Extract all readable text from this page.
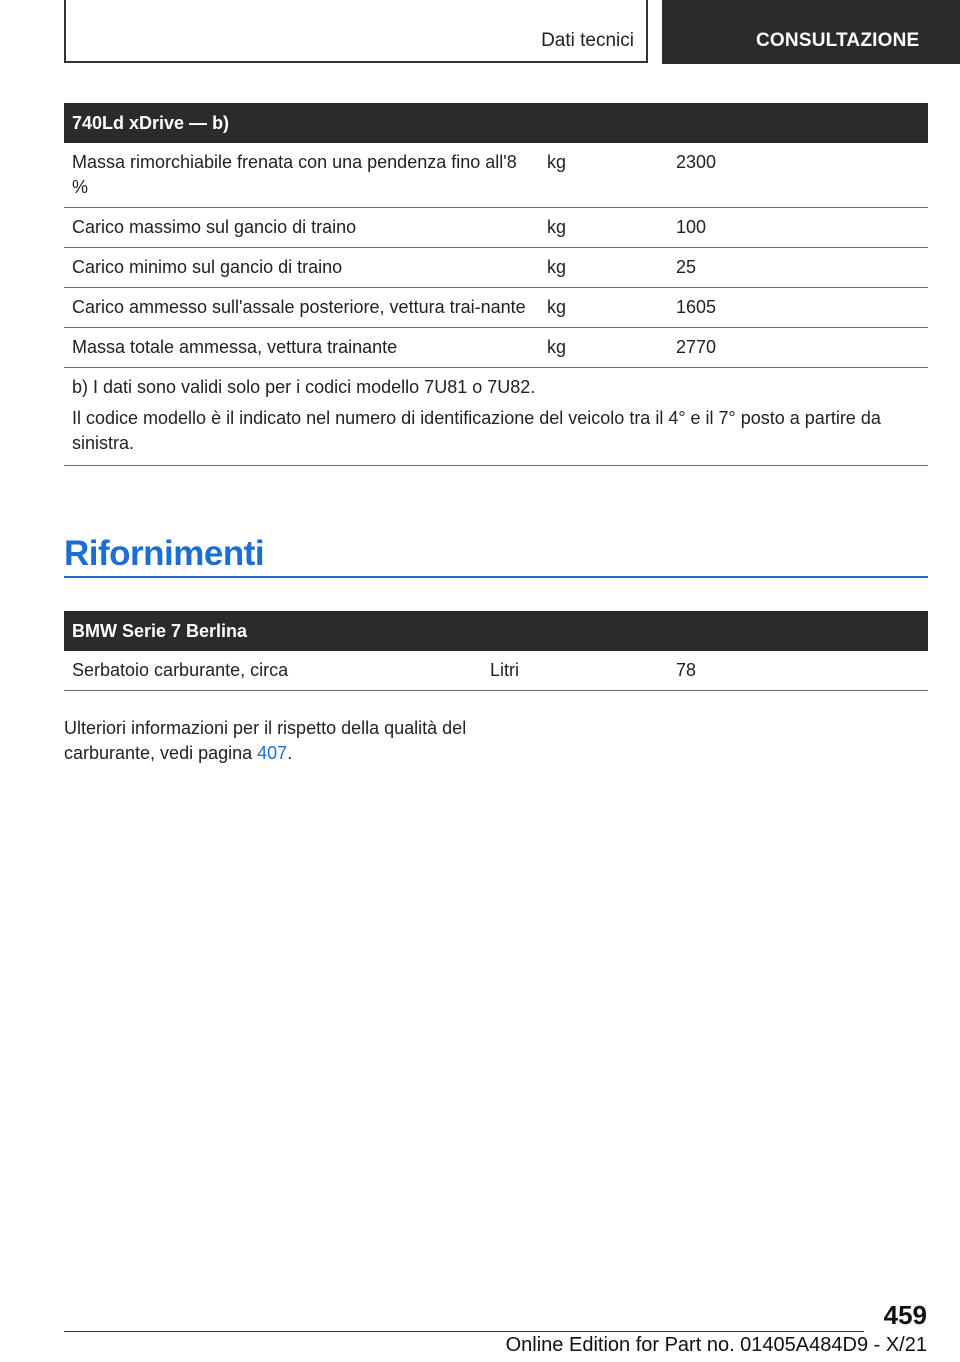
Dati tecnici	CONSULTAZIONE
740Ld xDrive — b)		
Massa rimorchiabile frenata con una pendenza fino all'8 %	kg	2300
Carico massimo sul gancio di traino	kg	100
Carico minimo sul gancio di traino	kg	25
Carico ammesso sull'assale posteriore, vettura trai-nante	kg	1605
Massa totale ammessa, vettura trainante	kg	2770

b) I dati sono validi solo per i codici modello 7U81 o 7U82.

Il codice modello è il indicato nel numero di identificazione del veicolo tra il 4° e il 7° posto a partire da sinistra.		

Rifornimenti
BMW Serie 7 Berlina
Serbatoio carburante, circa	Litri	78
Ulteriori informazioni per il rispetto della qualità del carburante, vedi pagina 407.
459
Online Edition for Part no. 01405A484D9 - X/21
